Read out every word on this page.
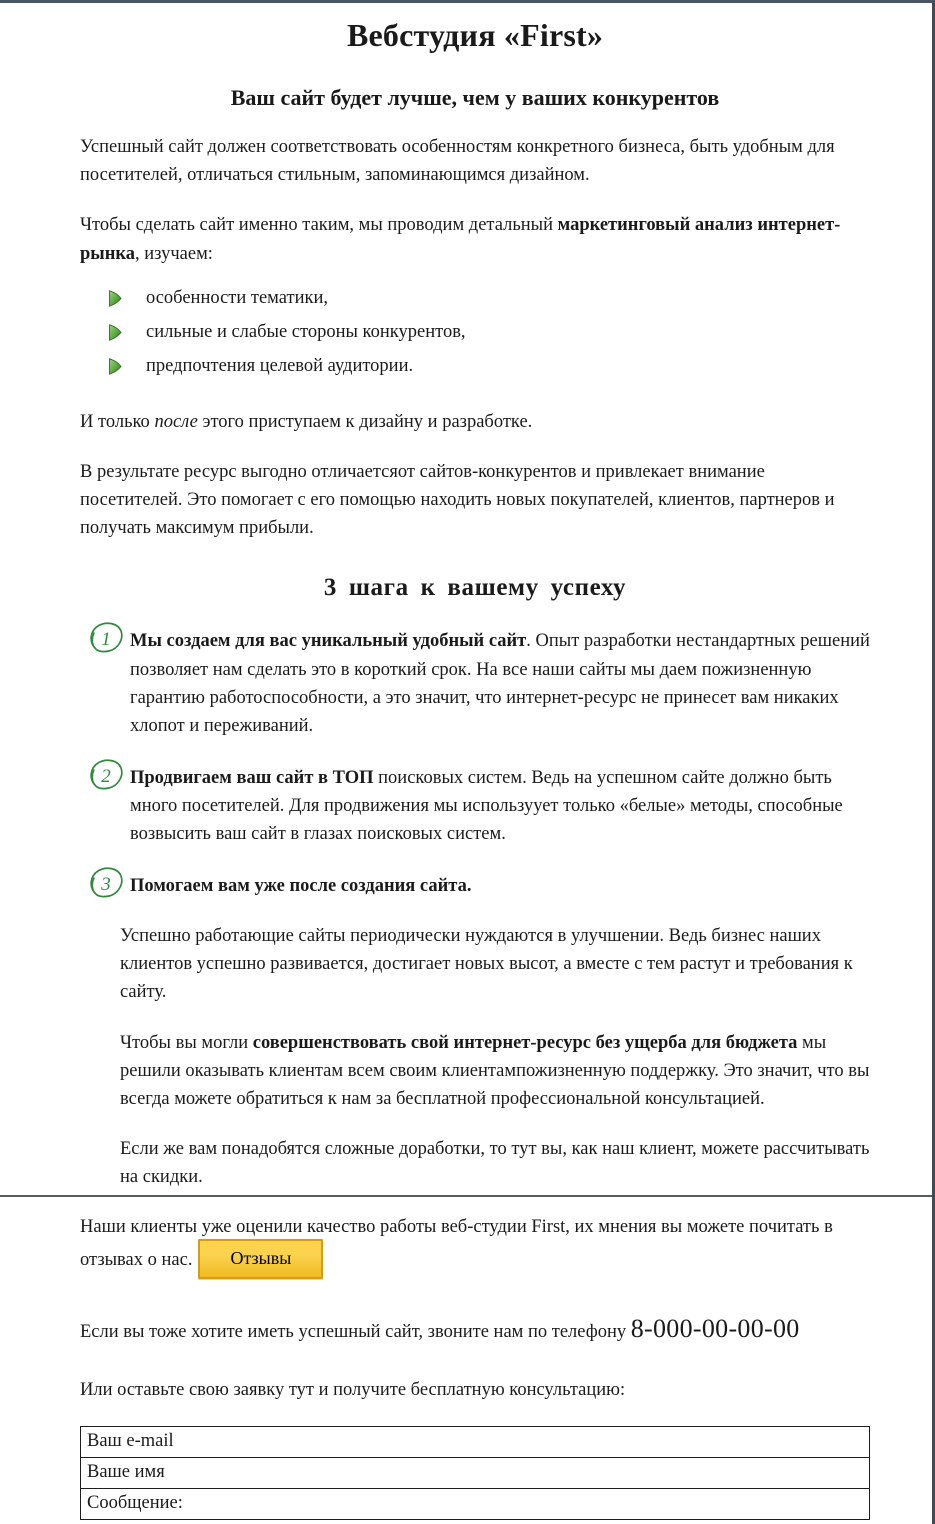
Вебстудия «First»
Ваш сайт будет лучше, чем у ваших конкурентов

Успешный сайт должен соответствовать особенностям конкретного бизнеса, быть удобным для посетителей, отличаться стильным, запоминающимся дизайном.

Чтобы сделать сайт именно таким, мы проводим детальный маркетинговый анализ интернет-рынка, изучаем:

особенности тематики,
сильные и слабые стороны конкурентов,
предпочтения целевой аудитории.

И только после этого приступаем к дизайну и разработке.

В результате ресурс выгодно отличаетсяот сайтов-конкурентов и привлекает внимание посетителей. Это помогает с его помощью находить новых покупателей, клиентов, партнеров и получать максимум прибыли.

3 шага к вашему успеху
1	Мы создаем для вас уникальный удобный сайт. Опыт разработки нестандартных решений позволяет нам сделать это в короткий срок. На все наши сайты мы даем пожизненную гарантию работоспособности, а это значит, что интернет-ресурс не принесет вам никаких хлопот и переживаний.

2	Продвигаем ваш сайт в ТОП поисковых систем. Ведь на успешном сайте должно быть много посетителей. Для продвижения мы используует только «белые» методы, способные возвысить ваш сайт в глазах поисковых систем.

3	Помогаем вам уже после создания сайта.

Успешно работающие сайты периодически нуждаются в улучшении. Ведь бизнес наших клиентов успешно развивается, достигает новых высот, а вместе с тем растут и требования к сайту.

Чтобы вы могли совершенствовать свой интернет-ресурс без ущерба для бюджета мы решили оказывать клиентам всем своим клиентампожизненную поддержку. Это значит, что вы всегда можете обратиться к нам за бесплатной профессиональной консультацией.

Если же вам понадобятся сложные доработки, то тут вы, как наш клиент, можете рассчитывать на скидки.

Наши клиенты уже оценили качество работы веб-студии First, их мнения вы можете почитать в отзывах о нас. Отзывы

Если вы тоже хотите иметь успешный сайт, звоните нам по телефону 8-000-00-00-00

Или оставьте свою заявку тут и получите бесплатную консультацию:

Ваш e-mail
Ваше имя
Сообщение:
